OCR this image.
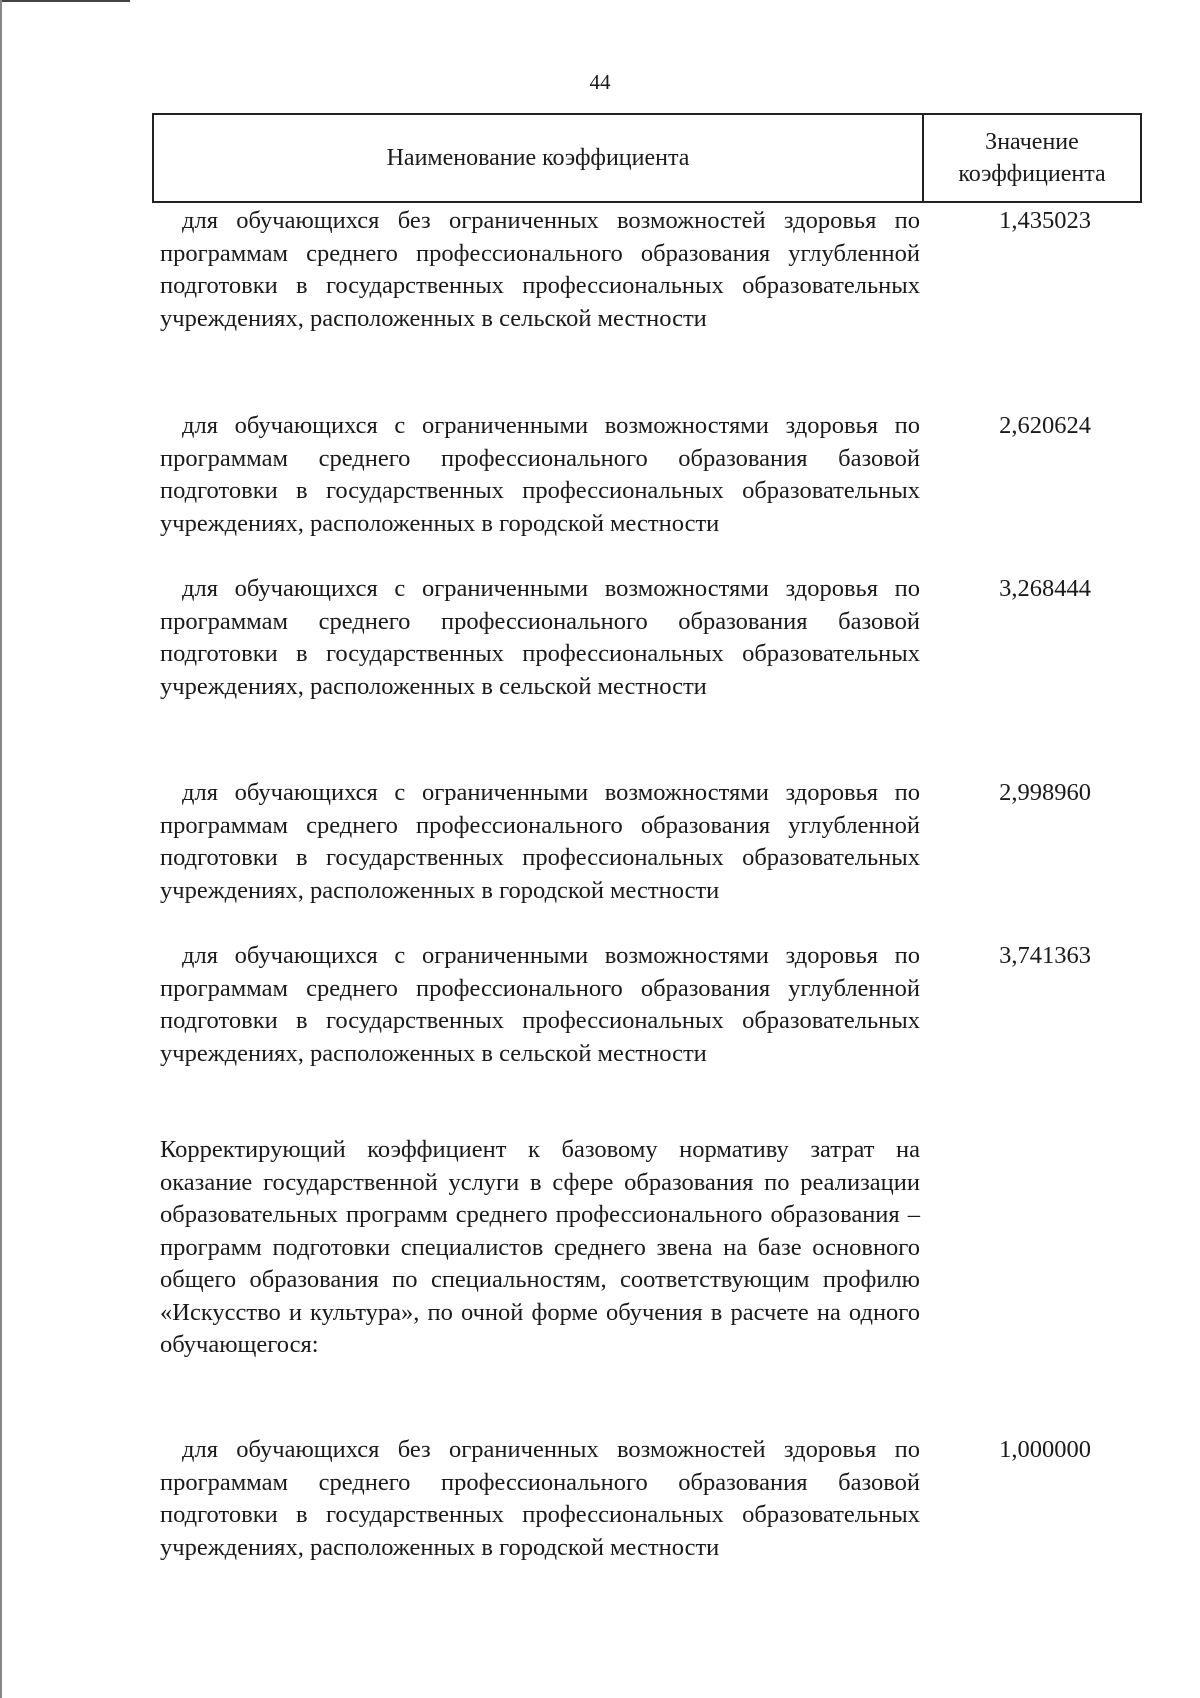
44
Наименование коэффициента
Значение
коэффициента
для обучающихся без ограниченных возможностей здоровья по программам среднего профессионального образования углубленной подготовки в государственных профессиональных образовательных учреждениях, расположенных в сельской местности
1,435023
для обучающихся с ограниченными возможностями здоровья по программам среднего профессионального образования базовой подготовки в государственных профессиональных образовательных учреждениях, расположенных в городской местности
2,620624
для обучающихся с ограниченными возможностями здоровья по программам среднего профессионального образования базовой подготовки в государственных профессиональных образовательных учреждениях, расположенных в сельской местности
3,268444
для обучающихся с ограниченными возможностями здоровья по программам среднего профессионального образования углубленной подготовки в государственных профессиональных образовательных учреждениях, расположенных в городской местности
2,998960
для обучающихся с ограниченными возможностями здоровья по программам среднего профессионального образования углубленной подготовки в государственных профессиональных образовательных учреждениях, расположенных в сельской местности
3,741363
Корректирующий коэффициент к базовому нормативу затрат на оказание государственной услуги в сфере образования по реализации образовательных программ среднего профессионального образования – программ подготовки специалистов среднего звена на базе основного общего образования по специальностям, соответствующим профилю «Искусство и культура», по очной форме обучения в расчете на одного обучающегося:
для обучающихся без ограниченных возможностей здоровья по программам среднего профессионального образования базовой подготовки в государственных профессиональных образовательных учреждениях, расположенных в городской местности
1,000000
